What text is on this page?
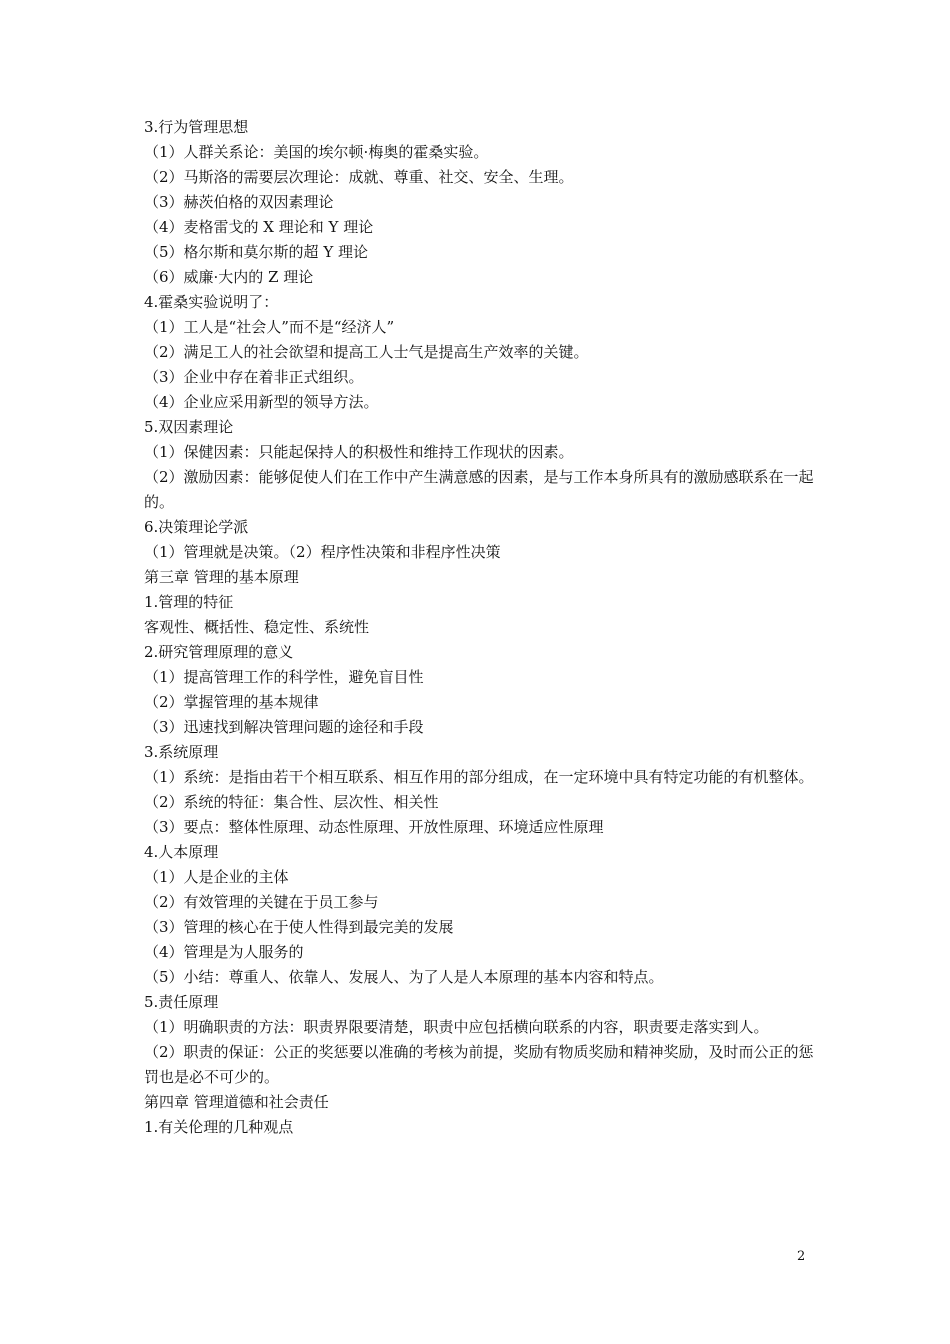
3.行为管理思想

（1）人群关系论：美国的埃尔顿·梅奥的霍桑实验。

（2）马斯洛的需要层次理论：成就、尊重、社交、安全、生理。

（3）赫茨伯格的双因素理论

（4）麦格雷戈的 X 理论和 Y 理论

（5）格尔斯和莫尔斯的超 Y 理论

（6）威廉·大内的 Z 理论

4.霍桑实验说明了：

（1）工人是“社会人”而不是“经济人”

（2）满足工人的社会欲望和提高工人士气是提高生产效率的关键。

（3）企业中存在着非正式组织。

（4）企业应采用新型的领导方法。

5.双因素理论

（1）保健因素：只能起保持人的积极性和维持工作现状的因素。

（2）激励因素：能够促使人们在工作中产生满意感的因素，是与工作本身所具有的激励感联系在一起的。

6.决策理论学派

（1）管理就是决策。（2）程序性决策和非程序性决策

第三章 管理的基本原理

1.管理的特征

客观性、概括性、稳定性、系统性

2.研究管理原理的意义

（1）提高管理工作的科学性，避免盲目性

（2）掌握管理的基本规律

（3）迅速找到解决管理问题的途径和手段

3.系统原理

（1）系统：是指由若干个相互联系、相互作用的部分组成，在一定环境中具有特定功能的有机整体。

（2）系统的特征：集合性、层次性、相关性

（3）要点：整体性原理、动态性原理、开放性原理、环境适应性原理

4.人本原理

（1）人是企业的主体

（2）有效管理的关键在于员工参与

（3）管理的核心在于使人性得到最完美的发展

（4）管理是为人服务的

（5）小结：尊重人、依靠人、发展人、为了人是人本原理的基本内容和特点。

5.责任原理

（1）明确职责的方法：职责界限要清楚，职责中应包括横向联系的内容，职责要走落实到人。

（2）职责的保证：公正的奖惩要以准确的考核为前提，奖励有物质奖励和精神奖励，及时而公正的惩罚也是必不可少的。

第四章 管理道德和社会责任

1.有关伦理的几种观点

2
